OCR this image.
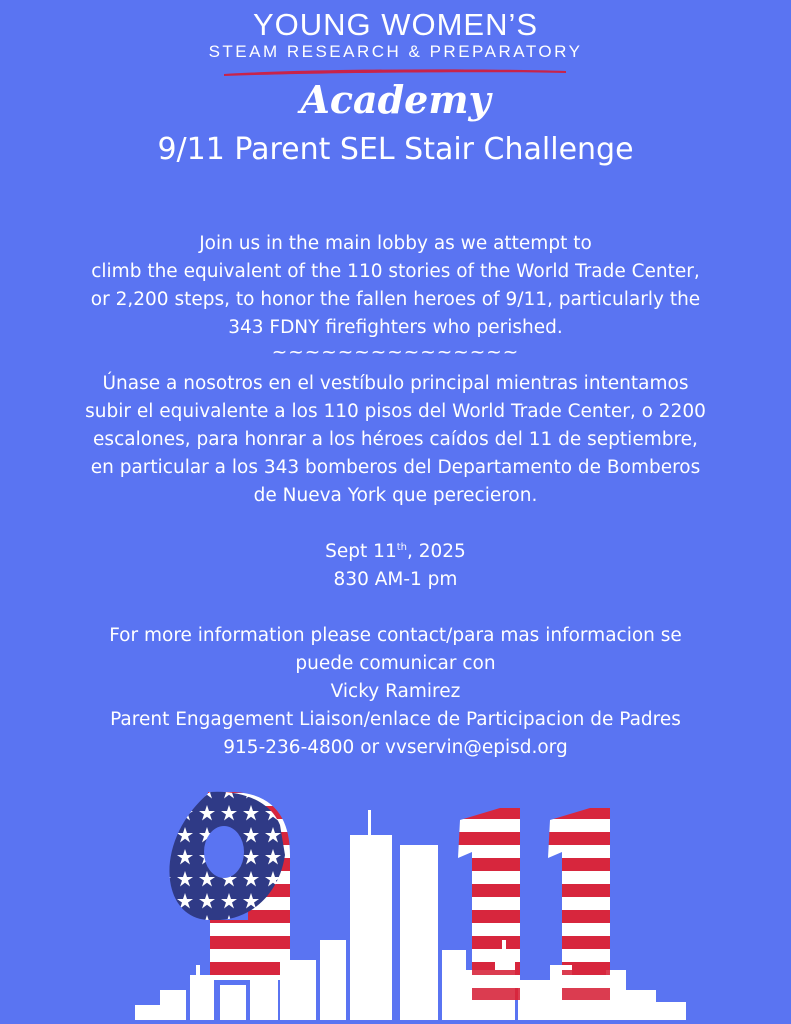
YOUNG WOMEN’S
STEAM RESEARCH & PREPARATORY
Academy
9/11 Parent SEL Stair Challenge
Join us in the main lobby as we attempt to
climb the equivalent of the 110 stories of the World Trade Center,
or 2,200 steps, to honor the fallen heroes of 9/11, particularly the
343 FDNY firefighters who perished.
~~~~~~~~~~~~~~~
Únase a nosotros en el vestíbulo principal mientras intentamos
subir el equivalente a los 110 pisos del World Trade Center, o 2200
escalones, para honrar a los héroes caídos del 11 de septiembre,
en particular a los 343 bomberos del Departamento de Bomberos
de Nueva York que perecieron.
Sept 11th, 2025
830 AM-1 pm
For more information please contact/para mas informacion se
puede comunicar con
Vicky Ramirez
Parent Engagement Liaison/enlace de Participacion de Padres
915-236-4800 or vvservin@episd.org
